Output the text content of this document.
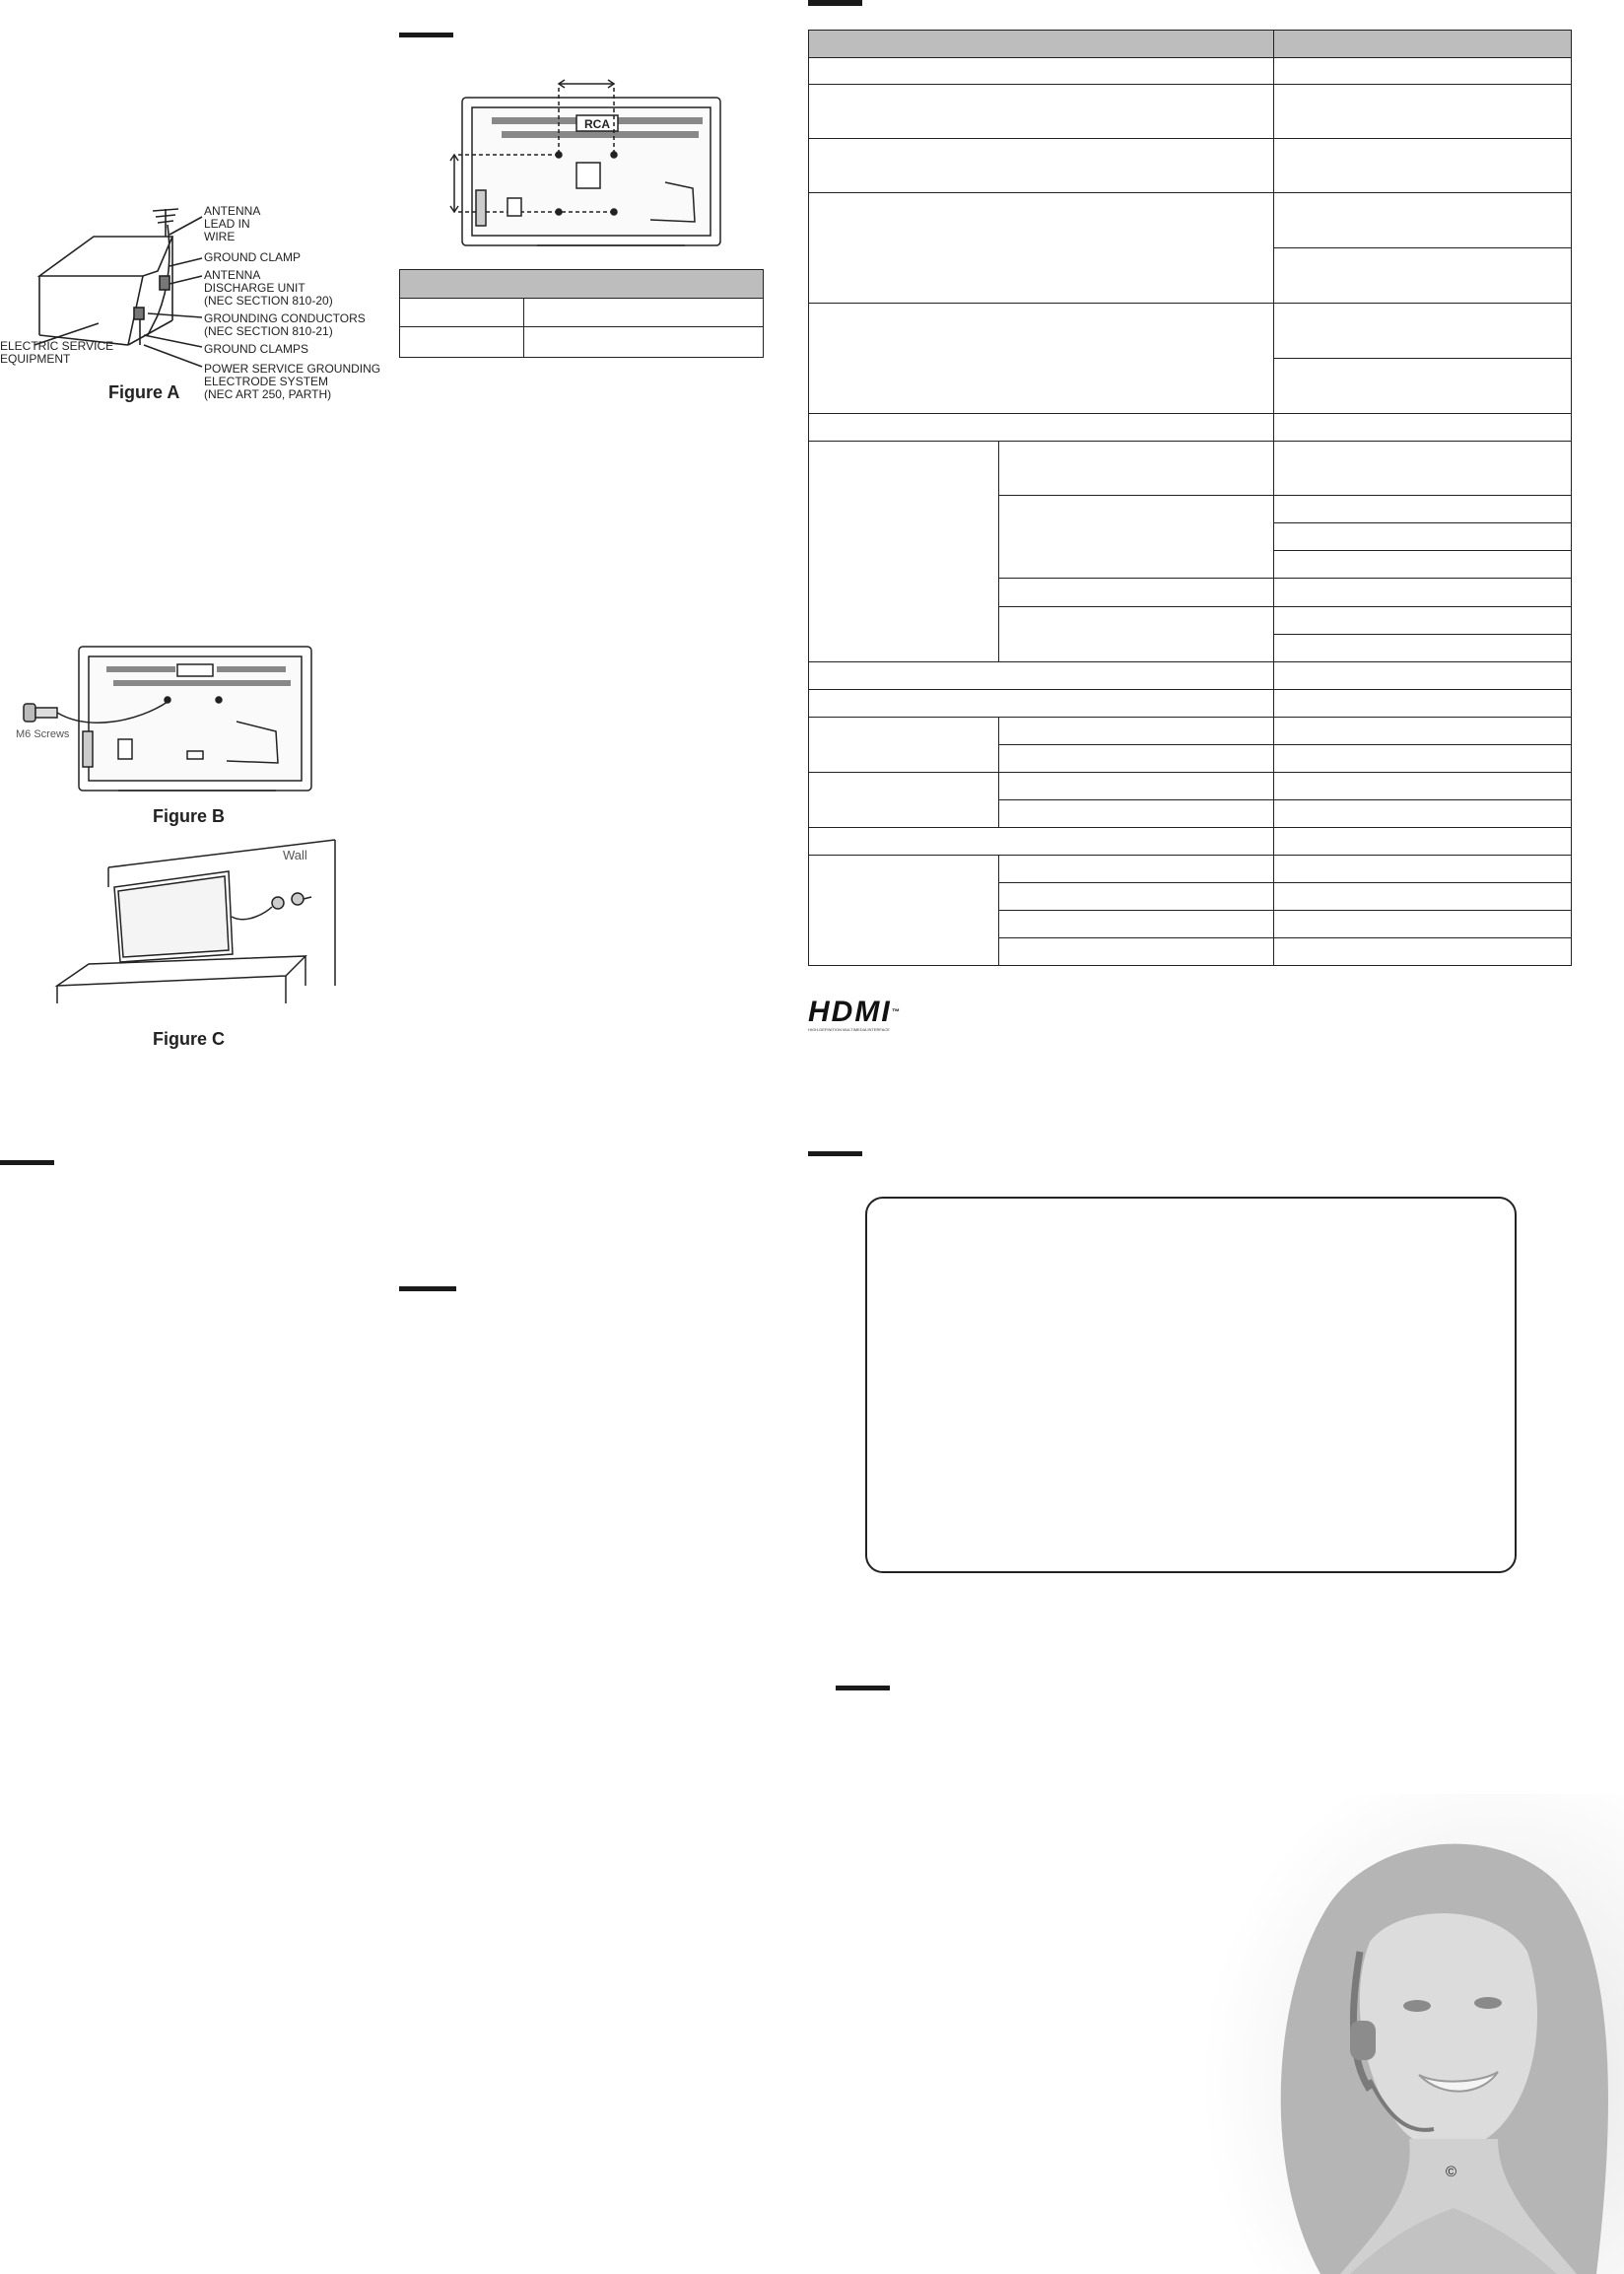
ANTENNA
LEAD IN
WIRE
GROUND CLAMP
ANTENNA
DISCHARGE UNIT
(NEC SECTION 810-20)
GROUNDING CONDUCTORS
(NEC SECTION 810-21)
GROUND CLAMPS
POWER SERVICE GROUNDING
ELECTRODE SYSTEM
(NEC ART 250, PARTH)
ELECTRIC SERVICE
EQUIPMENT
Figure A
M6 Screws
Figure B
Wall
Figure C
RCA

HDMI™
HIGH-DEFINITION MULTIMEDIA INTERFACE
©
